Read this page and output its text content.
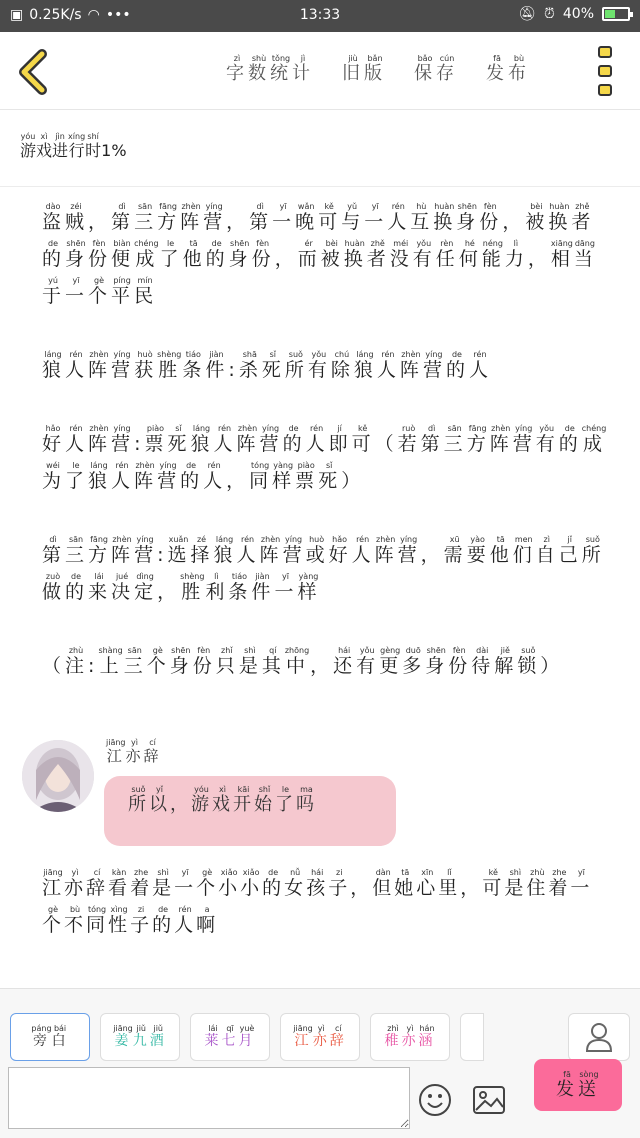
▣ 0.25K/s ◠ •••	13:33	🔕︎ ⏰︎ 40%
字zì数shù统tǒng计jì
旧jiù版bǎn
保bǎo存cún
发fā布bù
游yóu戏xì进jìn行xíng时shí1%
盗dào贼zéi，第dì三sān方fāng阵zhèn营yíng，第dì一yī晚wǎn可kě与yǔ一yī人rén互hù换huàn身shēn份fèn，被bèi换huàn者zhě的de身shēn份fèn便biàn成chéng了le他tā的de身shēn份fèn，而ér被bèi换huàn者zhě没méi有yǒu任rèn何hé能néng力lì，相xiāng当dāng于yú一yī个gè平píng民mín
狼láng人rén阵zhèn营yíng获huò胜shèng条tiáo件jiàn:杀shā死sǐ所suǒ有yǒu除chú狼láng人rén阵zhèn营yíng的de人rén
好hǎo人rén阵zhèn营yíng:票piào死sǐ狼láng人rén阵zhèn营yíng的de人rén即jí可kě（若ruò第dì三sān方fāng阵zhèn营yíng有yǒu的de成chéng为wéi了le狼láng人rén阵zhèn营yíng的de人rén，同tóng样yàng票piào死sǐ）
第dì三sān方fāng阵zhèn营yíng:选xuǎn择zé狼láng人rén阵zhèn营yíng或huò好hǎo人rén阵zhèn营yíng，需xū要yào他tā们men自zì己jǐ所suǒ做zuò的de来lái决jué定dìng，胜shèng利lì条tiáo件jiàn一yī样yàng
（注zhù:上shàng三sān个gè身shēn份fèn只zhǐ是shì其qí中zhōng，还hái有yǒu更gèng多duō身shēn份fèn待dài解jiě锁suǒ）
江jiāng亦yì辞cí
所suǒ以yǐ，游yóu戏xì开kāi始shǐ了le吗ma
江jiāng亦yì辞cí看kàn着zhe是shì一yī个gè小xiǎo小xiǎo的de女nǚ孩hái子zi，但dàn她tā心xīn里lǐ，可kě是shì住zhù着zhe一yī个gè不bù同tóng性xìng子zi的de人rén啊a
旁páng
白bái
姜jiāng
九jiǔ
酒jiǔ
莱lái
七qī
月yuè
江jiāng
亦yì
辞cí
稚zhì
亦yì
涵hán
发fā
送sòng
